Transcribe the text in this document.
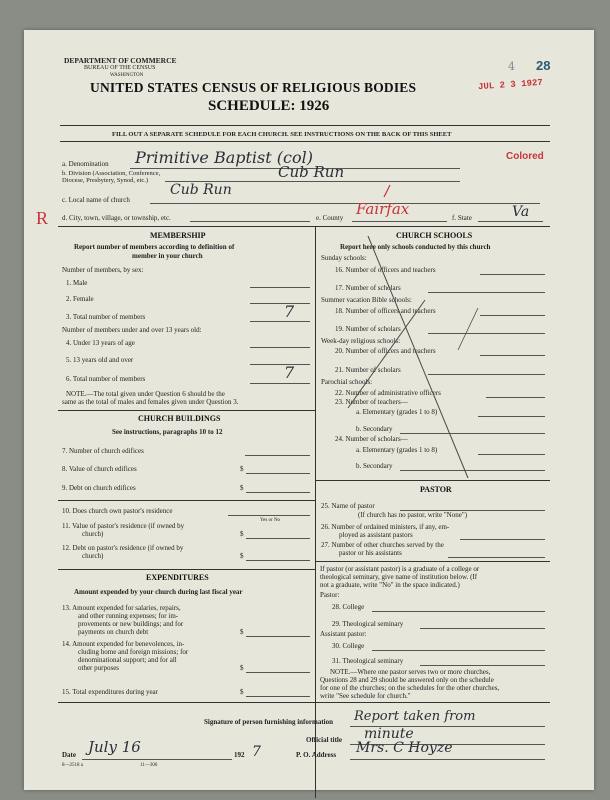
DEPARTMENT OF COMMERCE
BUREAU OF THE CENSUS
WASHINGTON
UNITED STATES CENSUS OF RELIGIOUS BODIES
SCHEDULE: 1926
FILL OUT A SEPARATE SCHEDULE FOR EACH CHURCH. SEE INSTRUCTIONS ON THE BACK OF THIS SHEET
4 28
JUL 2 3 1927
a. Denomination Primitive Baptist (col)	Colored
b. Division (Association, Conference, Diocese, Presbytery, Synod, etc.)	Cub Run
c. Local name of church
Cub Run
R d. City, town, village, or township, etc.	e. County Fairfax	f. State	Va
MEMBERSHIP
Report number of members according to definition of
member in your church
Number of members, by sex:
1. Male
2. Female
3. Total number of members	7
Number of members under and over 13 years old:
4. Under 13 years of age
5. 13 years old and over
6. Total number of members	7
NOTE.—The total given under Question 6 should be the
same as the total of males and females given under Question 3.
CHURCH BUILDINGS
See instructions, paragraphs 10 to 12
7. Number of church edifices
8. Value of church edifices	$
9. Debt on church edifices	$
10. Does church own pastor's residence
Yes or No
11. Value of pastor's residence (if owned by
church)	$
12. Debt on pastor's residence (if owned by
church)	$
EXPENDITURES
Amount expended by your church during last fiscal year
13. Amount expended for salaries, repairs,
and other running expenses; for im-
provements or new buildings; and for
payments on church debt	$
14. Amount expended for benevolences, in-
cluding home and foreign missions; for
denominational support; and for all
other purposes	$
15. Total expenditures during year	$
CHURCH SCHOOLS
Report here only schools conducted by this church
Sunday schools:
16. Number of officers and teachers
17. Number of scholars
Summer vacation Bible schools:
18. Number of officers and teachers
19. Number of scholars
Week-day religious schools:
20. Number of officers and teachers
21. Number of scholars
Parochial schools:
22. Number of administrative officers
23. Number of teachers—
a. Elementary (grades 1 to 8)
b. Secondary
24. Number of scholars—
a. Elementary (grades 1 to 8)
b. Secondary
PASTOR
25. Name of pastor
(If church has no pastor, write "None")
26. Number of ordained ministers, if any, em-
ployed as assistant pastors
27. Number of other churches served by the
pastor or his assistants
If pastor (or assistant pastor) is a graduate of a college or
theological seminary, give name of institution below. (If
not a graduate, write "No" in the space indicated.)
Pastor:
28. College
29. Theological seminary
Assistant pastor:
30. College
31. Theological seminary
NOTE.—Where one pastor serves two or more churches,
Questions 28 and 29 should be answered only on the schedule
for one of the churches; on the schedules for the other churches,
write "See schedule for church."
Signature of person furnishing information Report taken from
Official title minute
Date July 16	192 7	P. O. Address Mrs. C Hoyze
8—2518 a	11—306
